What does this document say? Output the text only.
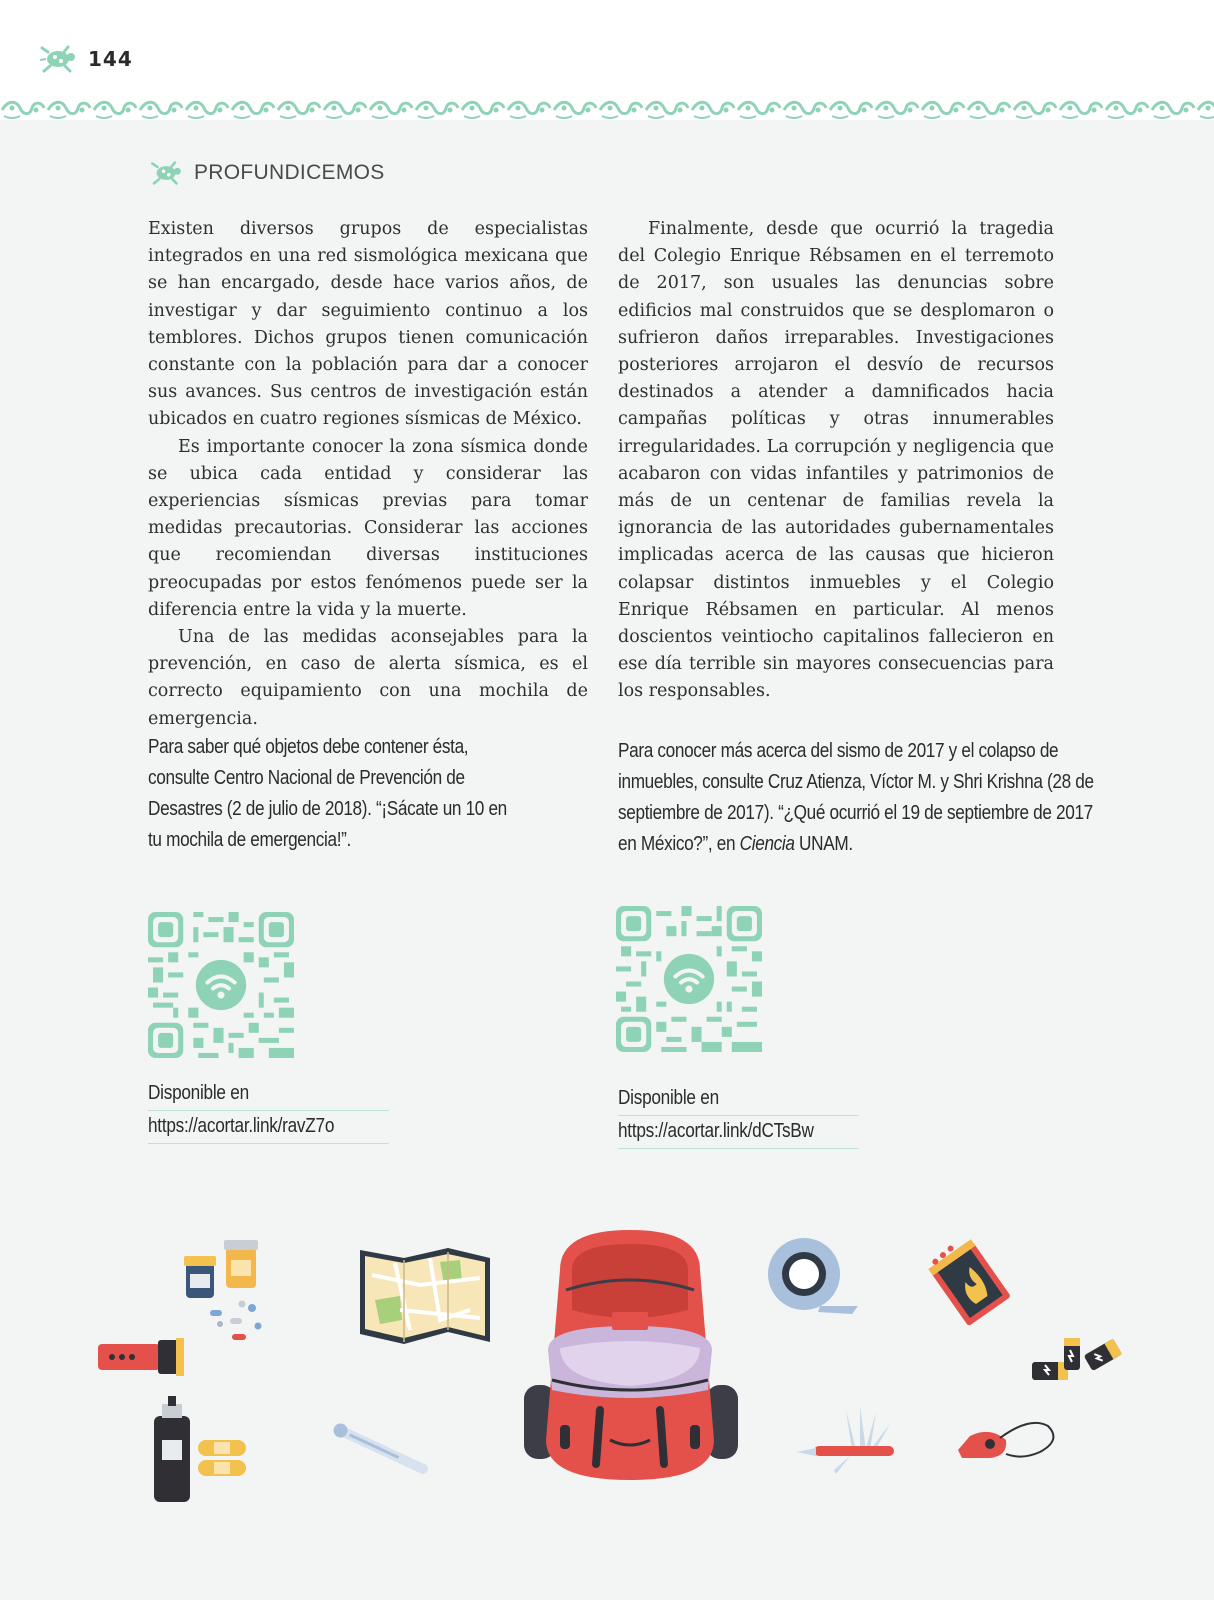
144
PROFUNDICEMOS

Existen diversos grupos de especialistas integrados en una red sismológica mexicana que se han encargado, desde hace varios años, de investigar y dar seguimiento continuo a los temblores. Dichos grupos tienen comunicación constante con la población para dar a conocer sus avances. Sus centros de investigación están ubicados en cuatro regiones sísmicas de México.

Es importante conocer la zona sísmica donde se ubica cada entidad y considerar las experiencias sísmicas previas para tomar medidas precautorias. Considerar las acciones que recomiendan diversas instituciones preocupadas por estos fenómenos puede ser la diferencia entre la vida y la muerte.

Una de las medidas aconsejables para la prevención, en caso de alerta sísmica, es el correcto equipamiento con una mochila de emergencia.

Finalmente, desde que ocurrió la tragedia del Colegio Enrique Rébsamen en el terremoto de 2017, son usuales las denuncias sobre edificios mal construidos que se desplomaron o sufrieron daños irreparables. Investigaciones posteriores arrojaron el desvío de recursos destinados a atender a damnificados hacia campañas políticas y otras innumerables irregularidades. La corrupción y negligencia que acabaron con vidas infantiles y patrimonios de más de un centenar de familias revela la ignorancia de las autoridades gubernamentales implicadas acerca de las causas que hicieron colapsar distintos inmuebles y el Colegio Enrique Rébsamen en particular. Al menos doscientos veintiocho capitalinos fallecieron en ese día terrible sin mayores consecuencias para los responsables.

Para saber qué objetos debe contener ésta, consulte Centro Nacional de Prevención de Desastres (2 de julio de 2018). “¡Sácate un 10 en tu mochila de emergencia!”.
Para conocer más acerca del sismo de 2017 y el colapso de inmuebles, consulte Cruz Atienza, Víctor M. y Shri Krishna (28 de septiembre de 2017). “¿Qué ocurrió el 19 de septiembre de 2017 en México?”, en Ciencia UNAM.
Disponible en
https://acortar.link/ravZ7o
Disponible en
https://acortar.link/dCTsBw
